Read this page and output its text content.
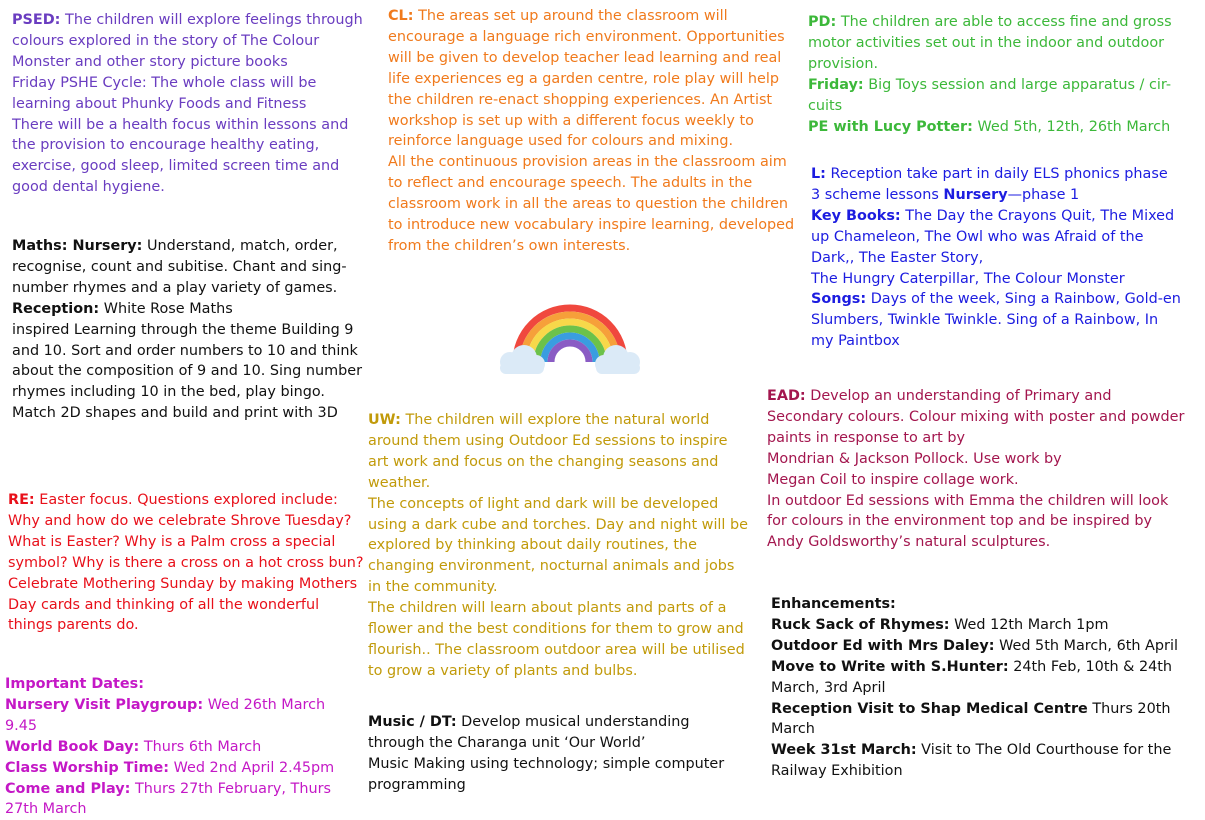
PSED: The children will explore feelings through colours explored in the story of The Colour Monster and other story picture books

Friday PSHE Cycle: The whole class will be learning about Phunky Foods and Fitness

There will be a health focus within lessons and the provision to encourage healthy eating, exercise, good sleep, limited screen time and good dental hygiene.

Maths: Nursery: Understand, match, order, recognise, count and subitise. Chant and sing-number rhymes and a play variety of games.

Reception: White Rose Maths

inspired Learning through the theme Building 9 and 10. Sort and order numbers to 10 and think about the composition of 9 and 10. Sing number rhymes including 10 in the bed, play bingo.

Match 2D shapes and build and print with 3D

RE: Easter focus. Questions explored include: Why and how do we celebrate Shrove Tuesday? What is Easter? Why is a Palm cross a special symbol? Why is there a cross on a hot cross bun?

Celebrate Mothering Sunday by making Mothers Day cards and thinking of all the wonderful things parents do.

Important Dates:

Nursery Visit Playgroup: Wed 26th March 9.45

World Book Day: Thurs 6th March

Class Worship Time: Wed 2nd April 2.45pm

Come and Play: Thurs 27th February, Thurs 27th March

CL: The areas set up around the classroom will encourage a language rich environment. Opportunities will be given to develop teacher lead learning and real life experiences eg a garden centre, role play will help the children re-enact shopping experiences. An Artist workshop is set up with a different focus weekly to reinforce language used for colours and mixing.

All the continuous provision areas in the classroom aim to reflect and encourage speech. The adults in the classroom work in all the areas to question the children to introduce new vocabulary inspire learning, developed from the children’s own interests.

UW: The children will explore the natural world around them using Outdoor Ed sessions to inspire art work and focus on the changing seasons and weather.

The concepts of light and dark will be developed using a dark cube and torches. Day and night will be explored by thinking about daily routines, the changing environment, nocturnal animals and jobs in the community.

The children will learn about plants and parts of a flower and the best conditions for them to grow and flourish.. The classroom outdoor area will be utilised to grow a variety of plants and bulbs.

Music / DT: Develop musical understanding through the Charanga unit ‘Our World’

Music Making using technology; simple computer programming

PD: The children are able to access fine and gross motor activities set out in the indoor and outdoor provision.

Friday: Big Toys session and large apparatus / cir-cuits

PE with Lucy Potter: Wed 5th, 12th, 26th March

L: Reception take part in daily ELS phonics phase 3 scheme lessons Nursery—phase 1

Key Books: The Day the Crayons Quit, The Mixed up Chameleon, The Owl who was Afraid of the Dark,, The Easter Story,

The Hungry Caterpillar, The Colour Monster

Songs: Days of the week, Sing a Rainbow, Gold-en Slumbers, Twinkle Twinkle. Sing of a Rainbow, In my Paintbox

EAD: Develop an understanding of Primary and Secondary colours. Colour mixing with poster and powder paints in response to art by

Mondrian & Jackson Pollock. Use work by

Megan Coil to inspire collage work.

In outdoor Ed sessions with Emma the children will look for colours in the environment top and be inspired by Andy Goldsworthy’s natural sculptures.

Enhancements:

Ruck Sack of Rhymes: Wed 12th March 1pm

Outdoor Ed with Mrs Daley: Wed 5th March, 6th April

Move to Write with S.Hunter: 24th Feb, 10th & 24th March, 3rd April

Reception Visit to Shap Medical Centre Thurs 20th March

Week 31st March: Visit to The Old Courthouse for the Railway Exhibition
